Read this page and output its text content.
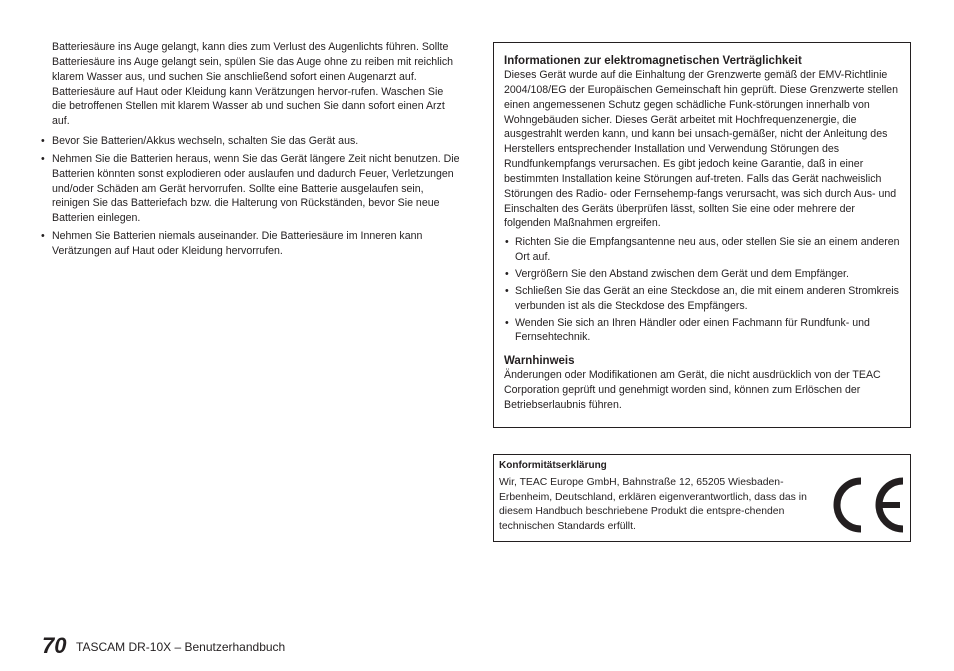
Batteriesäure ins Auge gelangt, kann dies zum Verlust des Augenlichts führen. Sollte Batteriesäure ins Auge gelangt sein, spülen Sie das Auge ohne zu reiben mit reichlich klarem Wasser aus, und suchen Sie anschließend sofort einen Augenarzt auf. Batteriesäure auf Haut oder Kleidung kann Verätzungen hervor-rufen. Waschen Sie die betroffenen Stellen mit klarem Wasser ab und suchen Sie dann sofort einen Arzt auf.

• Bevor Sie Batterien/Akkus wechseln, schalten Sie das Gerät aus.
• Nehmen Sie die Batterien heraus, wenn Sie das Gerät längere Zeit nicht benutzen. Die Batterien könnten sonst explodieren oder auslaufen und dadurch Feuer, Verletzungen und/oder Schäden am Gerät hervorrufen. Sollte eine Batterie ausgelaufen sein, reinigen Sie das Batteriefach bzw. die Halterung von Rückständen, bevor Sie neue Batterien einlegen.
• Nehmen Sie Batterien niemals auseinander. Die Batteriesäure im Inneren kann Verätzungen auf Haut oder Kleidung hervorrufen.

Informationen zur elektromagnetischen Verträglichkeit

Dieses Gerät wurde auf die Einhaltung der Grenzwerte gemäß der EMV-Richtlinie 2004/108/EG der Europäischen Gemeinschaft hin geprüft. Diese Grenzwerte stellen einen angemessenen Schutz gegen schädliche Funk-störungen innerhalb von Wohngebäuden sicher. Dieses Gerät arbeitet mit Hochfrequenzenergie, die ausgestrahlt werden kann, und kann bei unsach-gemäßer, nicht der Anleitung des Herstellers entsprechender Installation und Verwendung Störungen des Rundfunkempfangs verursachen. Es gibt jedoch keine Garantie, daß in einer bestimmten Installation keine Störungen auf-treten. Falls das Gerät nachweislich Störungen des Radio- oder Fernsehemp-fangs verursacht, was sich durch Aus- und Einschalten des Geräts überprüfen lässt, sollten Sie eine oder mehrere der folgenden Maßnahmen ergreifen.

• Richten Sie die Empfangsantenne neu aus, oder stellen Sie sie an einem anderen Ort auf.
• Vergrößern Sie den Abstand zwischen dem Gerät und dem Empfänger.
• Schließen Sie das Gerät an eine Steckdose an, die mit einem anderen Stromkreis verbunden ist als die Steckdose des Empfängers.
• Wenden Sie sich an Ihren Händler oder einen Fachmann für Rundfunk- und Fernsehtechnik.

Warnhinweis

Änderungen oder Modifikationen am Gerät, die nicht ausdrücklich von der TEAC Corporation geprüft und genehmigt worden sind, können zum Erlöschen der Betriebserlaubnis führen.

Konformitätserklärung
Wir, TEAC Europe GmbH, Bahnstraße 12, 65205 Wiesbaden-Erbenheim, Deutschland, erklären eigenverantwortlich, dass das in diesem Handbuch beschriebene Produkt die entspre-chenden technischen Standards erfüllt.
70 TASCAM DR-10X – Benutzerhandbuch
